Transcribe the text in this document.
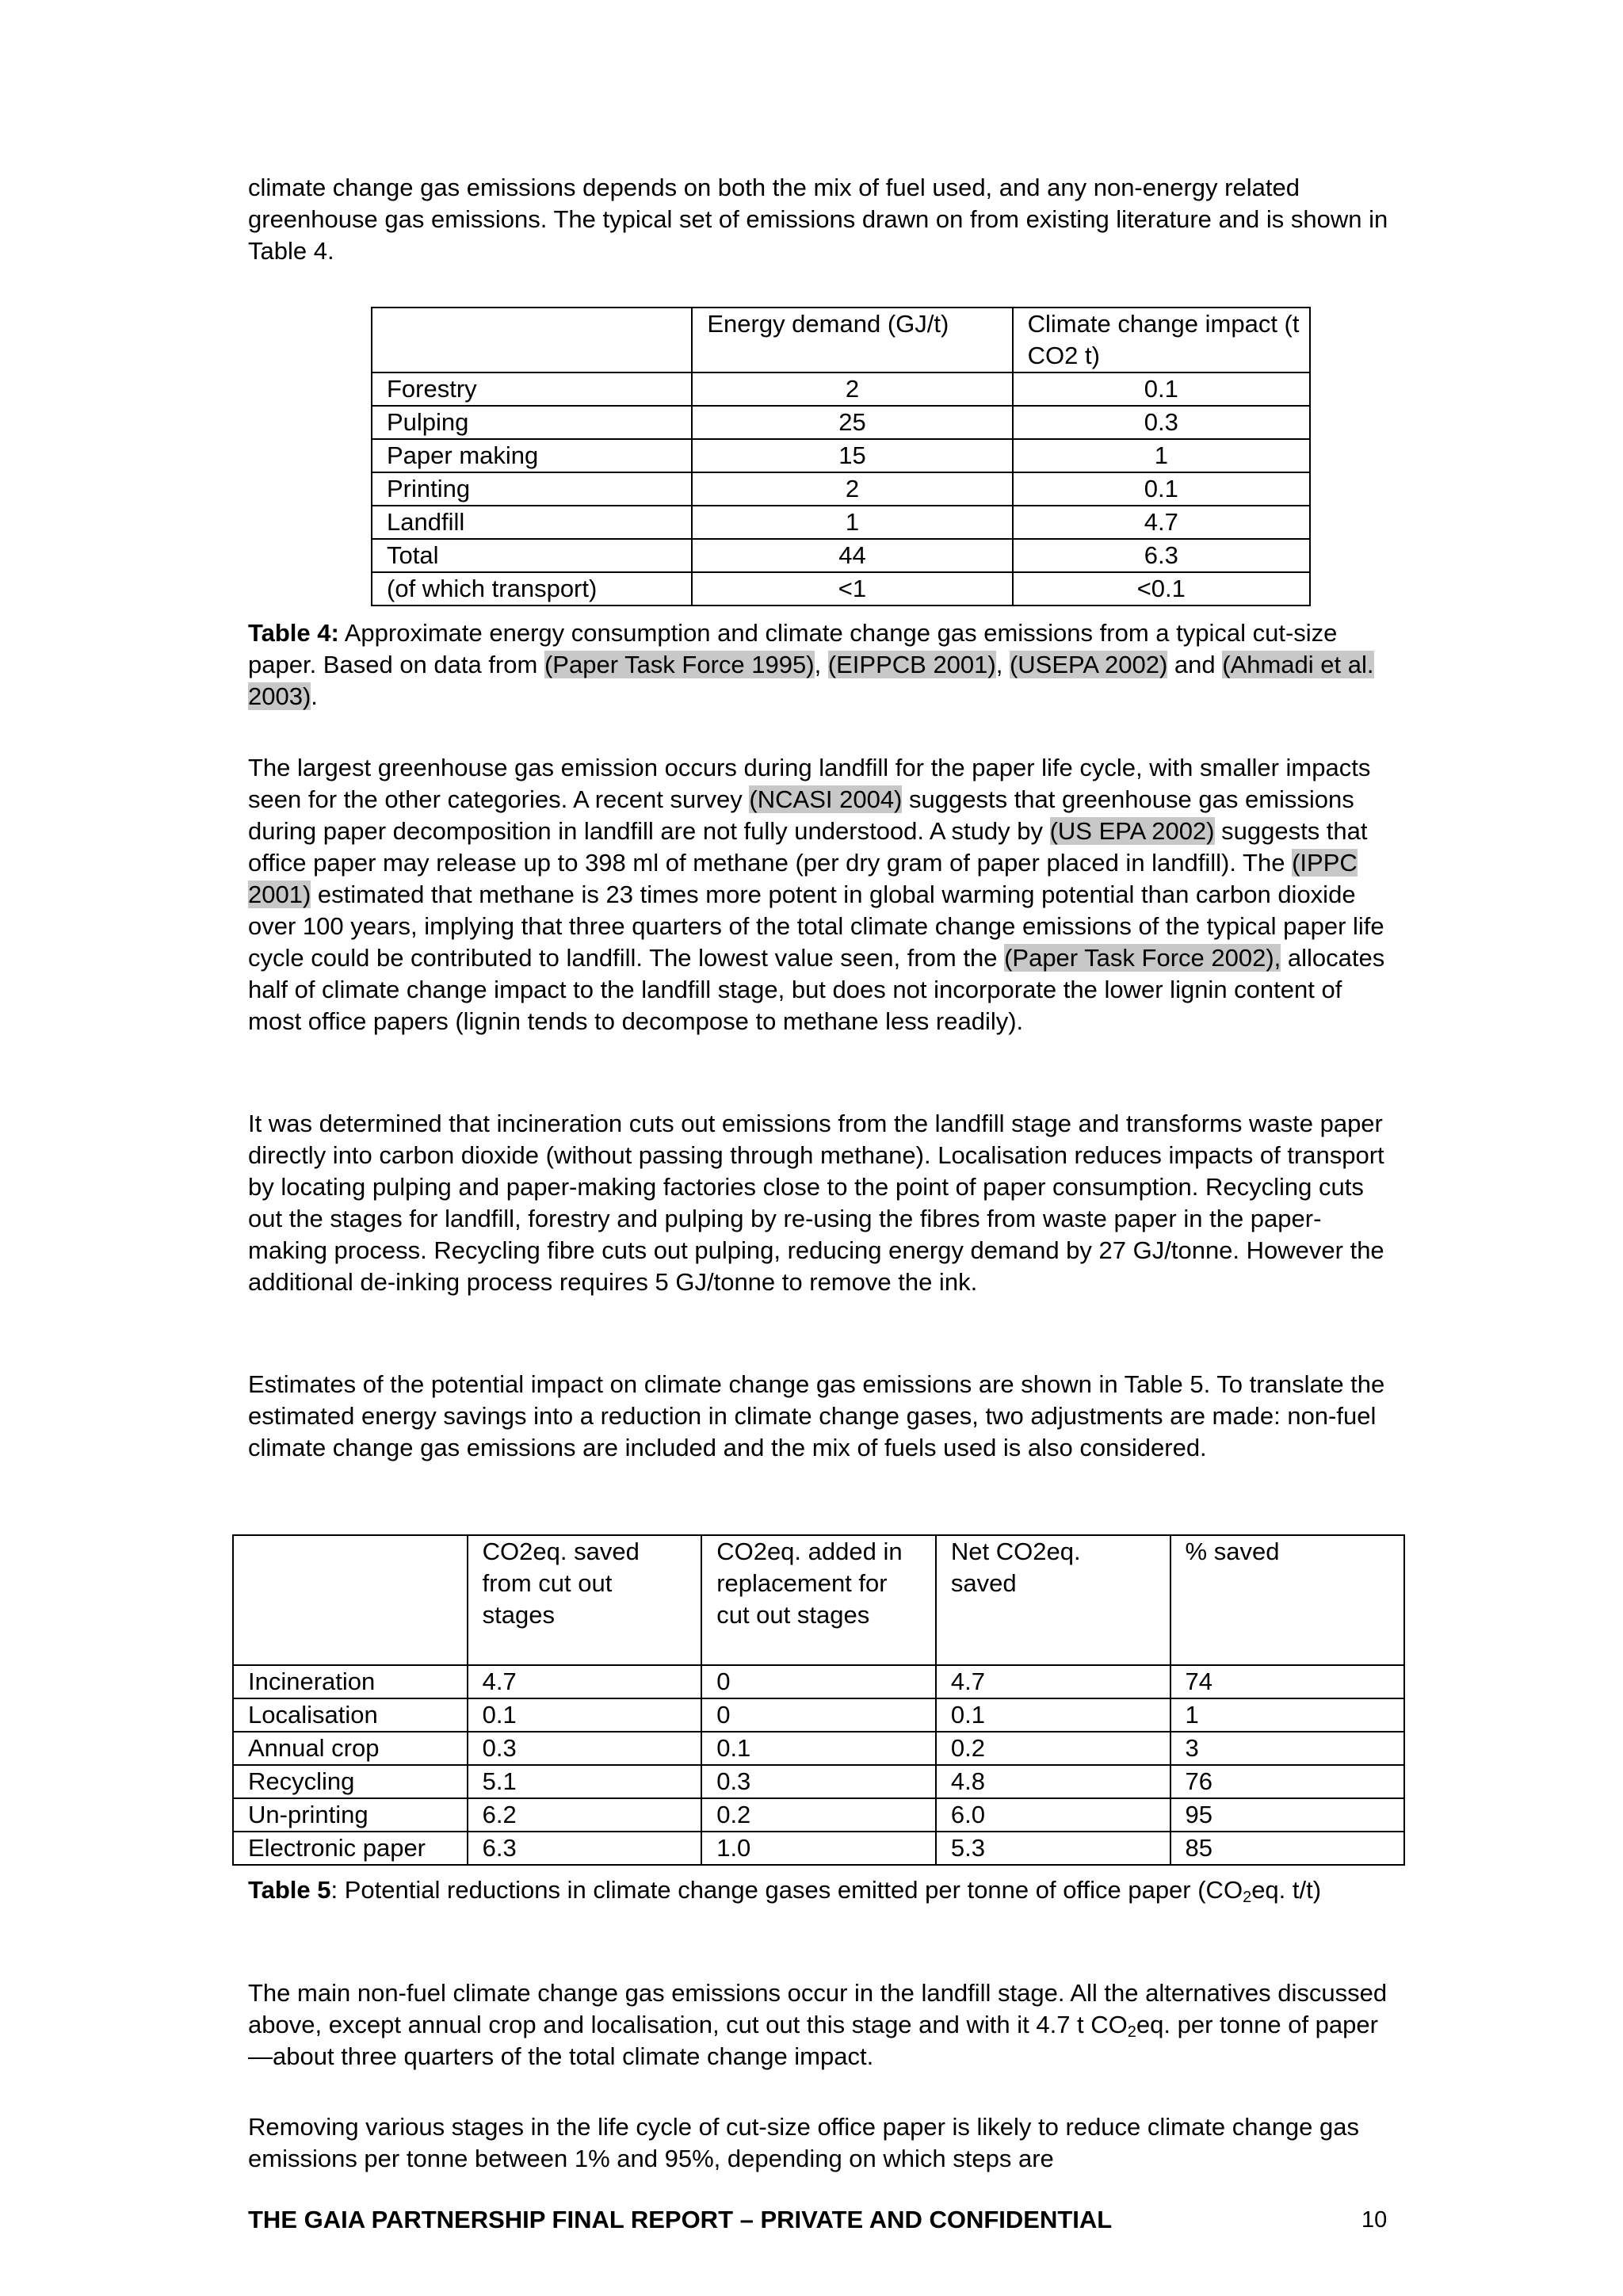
climate change gas emissions depends on both the mix of fuel used, and any non-energy related greenhouse gas emissions. The typical set of emissions drawn on from existing literature and is shown in Table 4.

	Energy demand (GJ/t)	Climate change impact (t CO2 t)
Forestry	2	0.1
Pulping	25	0.3
Paper making	15	1
Printing	2	0.1
Landfill	1	4.7
Total	44	6.3
(of which transport)	<1	<0.1

Table 4: Approximate energy consumption and climate change gas emissions from a typical cut-size paper. Based on data from (Paper Task Force 1995), (EIPPCB 2001), (USEPA 2002) and (Ahmadi et al. 2003).

The largest greenhouse gas emission occurs during landfill for the paper life cycle, with smaller impacts seen for the other categories. A recent survey (NCASI 2004) suggests that greenhouse gas emissions during paper decomposition in landfill are not fully understood. A study by (US EPA 2002) suggests that office paper may release up to 398 ml of methane (per dry gram of paper placed in landfill). The (IPPC 2001) estimated that methane is 23 times more potent in global warming potential than carbon dioxide over 100 years, implying that three quarters of the total climate change emissions of the typical paper life cycle could be contributed to landfill. The lowest value seen, from the (Paper Task Force 2002), allocates half of climate change impact to the landfill stage, but does not incorporate the lower lignin content of most office papers (lignin tends to decompose to methane less readily).

It was determined that incineration cuts out emissions from the landfill stage and transforms waste paper directly into carbon dioxide (without passing through methane). Localisation reduces impacts of transport by locating pulping and paper-making factories close to the point of paper consumption. Recycling cuts out the stages for landfill, forestry and pulping by re-using the fibres from waste paper in the paper-making process. Recycling fibre cuts out pulping, reducing energy demand by 27 GJ/tonne. However the additional de-inking process requires 5 GJ/tonne to remove the ink.

Estimates of the potential impact on climate change gas emissions are shown in Table 5. To translate the estimated energy savings into a reduction in climate change gases, two adjustments are made: non-fuel climate change gas emissions are included and the mix of fuels used is also considered.

	CO2eq. saved from cut out stages	CO2eq. added in replacement for cut out stages	Net CO2eq. saved	% saved
Incineration	4.7	0	4.7	74
Localisation	0.1	0	0.1	1
Annual crop	0.3	0.1	0.2	3
Recycling	5.1	0.3	4.8	76
Un-printing	6.2	0.2	6.0	95
Electronic paper	6.3	1.0	5.3	85

Table 5: Potential reductions in climate change gases emitted per tonne of office paper ($CO_2eq$. t/t)

The main non-fuel climate change gas emissions occur in the landfill stage. All the alternatives discussed above, except annual crop and localisation, cut out this stage and with it 4.7 t $CO_2eq$. per tonne of paper—about three quarters of the total climate change impact.

Removing various stages in the life cycle of cut-size office paper is likely to reduce climate change gas emissions per tonne between 1% and 95%, depending on which steps are

THE GAIA PARTNERSHIP FINAL REPORT – PRIVATE AND CONFIDENTIAL	10
